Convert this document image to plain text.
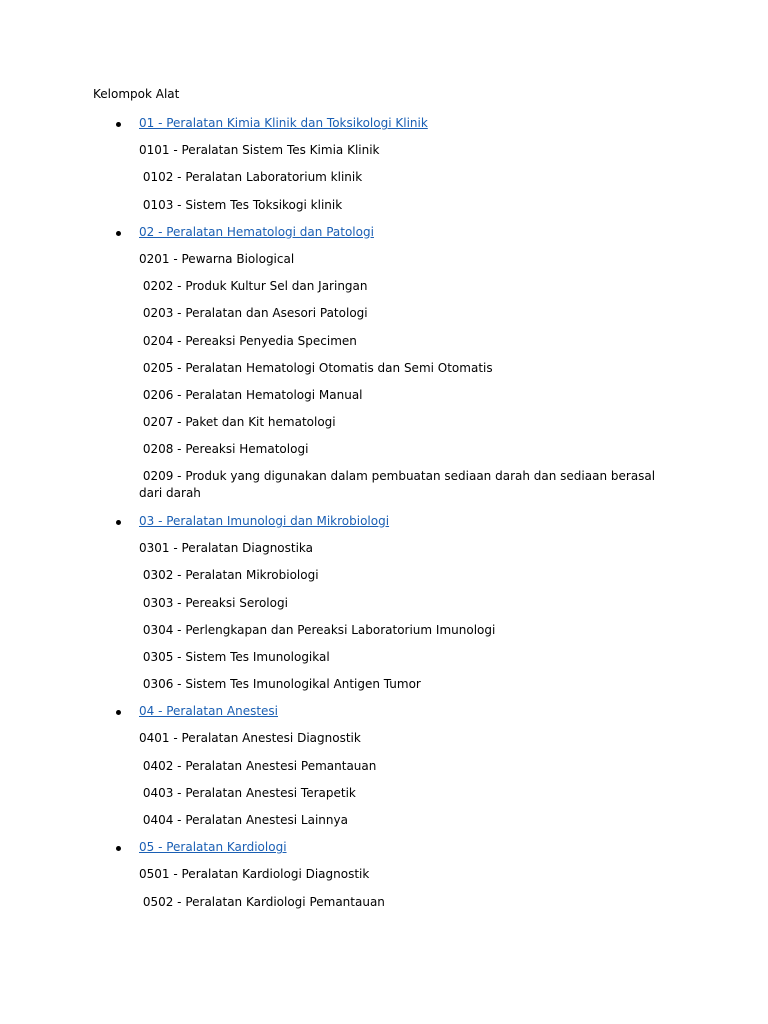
Kelompok Alat
01 - Peralatan Kimia Klinik dan Toksikologi Klinik
0101 - Peralatan Sistem Tes Kimia Klinik
0102 - Peralatan Laboratorium klinik
0103 - Sistem Tes Toksikogi klinik
02 - Peralatan Hematologi dan Patologi
0201 - Pewarna Biological
0202 - Produk Kultur Sel dan Jaringan
0203 - Peralatan dan Asesori Patologi
0204 - Pereaksi Penyedia Specimen
0205 - Peralatan Hematologi Otomatis dan Semi Otomatis
0206 - Peralatan Hematologi Manual
0207 - Paket dan Kit hematologi
0208 - Pereaksi Hematologi
0209 - Produk yang digunakan dalam pembuatan sediaan darah dan sediaan berasal dari darah
03 - Peralatan Imunologi dan Mikrobiologi
0301 - Peralatan Diagnostika
0302 - Peralatan Mikrobiologi
0303 - Pereaksi Serologi
0304 - Perlengkapan dan Pereaksi Laboratorium Imunologi
0305 - Sistem Tes Imunologikal
0306 - Sistem Tes Imunologikal Antigen Tumor
04 - Peralatan Anestesi
0401 - Peralatan Anestesi Diagnostik
0402 - Peralatan Anestesi Pemantauan
0403 - Peralatan Anestesi Terapetik
0404 - Peralatan Anestesi Lainnya
05 - Peralatan Kardiologi
0501 - Peralatan Kardiologi Diagnostik
0502 - Peralatan Kardiologi Pemantauan
